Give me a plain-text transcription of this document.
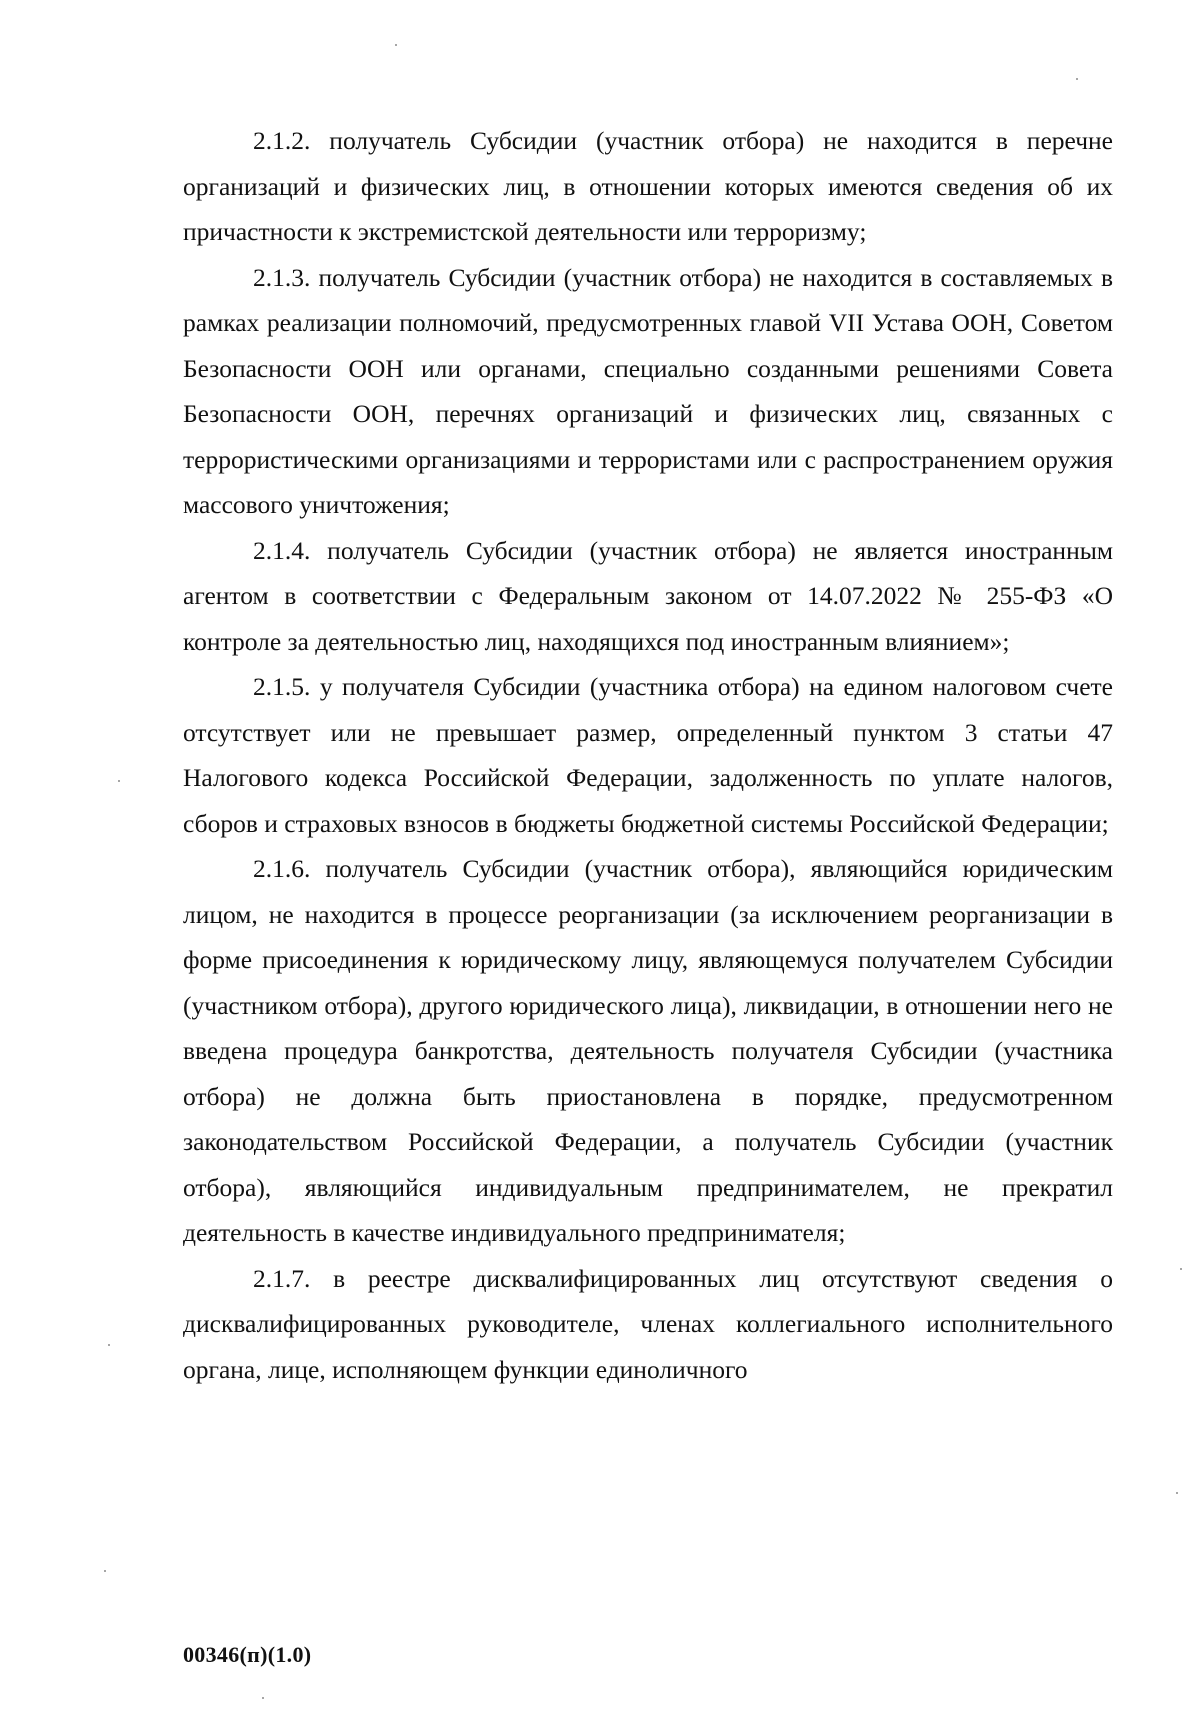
2.1.2. получатель Субсидии (участник отбора) не находится в перечне организаций и физических лиц, в отношении которых имеются сведения об их причастности к экстремистской деятельности или терроризму;

2.1.3. получатель Субсидии (участник отбора) не находится в составляемых в рамках реализации полномочий, предусмотренных главой VII Устава ООН, Советом Безопасности ООН или органами, специально созданными решениями Совета Безопасности ООН, перечнях организаций и физических лиц, связанных с террористическими организациями и террористами или с распространением оружия массового уничтожения;

2.1.4. получатель Субсидии (участник отбора) не является иностранным агентом в соответствии с Федеральным законом от 14.07.2022 № 255-ФЗ «О контроле за деятельностью лиц, находящихся под иностранным влиянием»;

2.1.5. у получателя Субсидии (участника отбора) на едином налоговом счете отсутствует или не превышает размер, определенный пунктом 3 статьи 47 Налогового кодекса Российской Федерации, задолженность по уплате налогов, сборов и страховых взносов в бюджеты бюджетной системы Российской Федерации;

2.1.6. получатель Субсидии (участник отбора), являющийся юридическим лицом, не находится в процессе реорганизации (за исключением реорганизации в форме присоединения к юридическому лицу, являющемуся получателем Субсидии (участником отбора), другого юридического лица), ликвидации, в отношении него не введена процедура банкротства, деятельность получателя Субсидии (участника отбора) не должна быть приостановлена в порядке, предусмотренном законодательством Российской Федерации, а получатель Субсидии (участник отбора), являющийся индивидуальным предпринимателем, не прекратил деятельность в качестве индивидуального предпринимателя;

2.1.7. в реестре дисквалифицированных лиц отсутствуют сведения о дисквалифицированных руководителе, членах коллегиального исполнительного органа, лице, исполняющем функции единоличного

00346(п)(1.0)
